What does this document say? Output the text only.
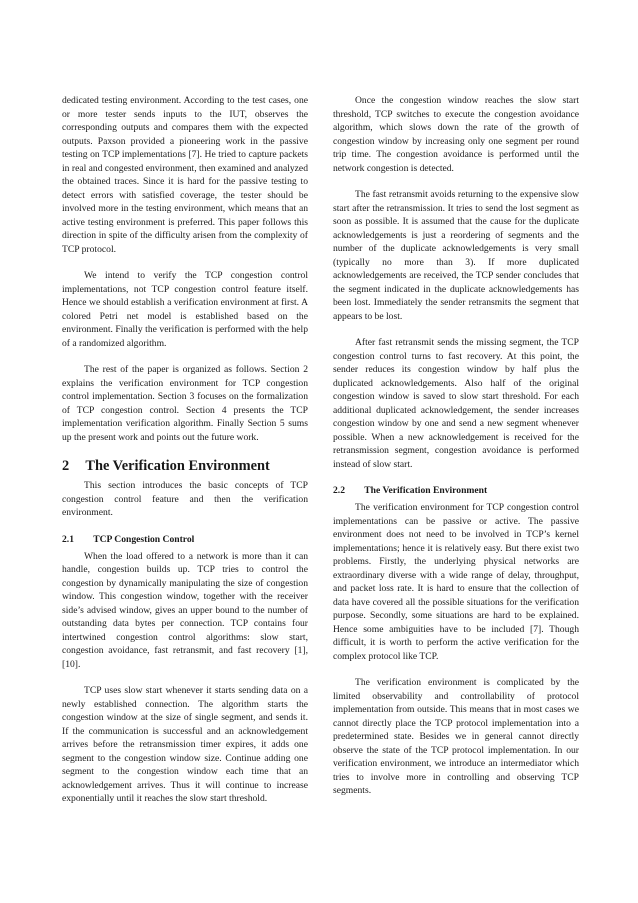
dedicated testing environment. According to the test cases, one or more tester sends inputs to the IUT, observes the corresponding outputs and compares them with the expected outputs. Paxson provided a pioneering work in the passive testing on TCP implementations [7]. He tried to capture packets in real and congested environment, then examined and analyzed the obtained traces. Since it is hard for the passive testing to detect errors with satisfied coverage, the tester should be involved more in the testing environment, which means that an active testing environment is preferred. This paper follows this direction in spite of the difficulty arisen from the complexity of TCP protocol.

We intend to verify the TCP congestion control implementations, not TCP congestion control feature itself. Hence we should establish a verification environment at first. A colored Petri net model is established based on the environment. Finally the verification is performed with the help of a randomized algorithm.

The rest of the paper is organized as follows. Section 2 explains the verification environment for TCP congestion control implementation. Section 3 focuses on the formalization of TCP congestion control. Section 4 presents the TCP implementation verification algorithm. Finally Section 5 sums up the present work and points out the future work.

2 The Verification Environment

This section introduces the basic concepts of TCP congestion control feature and then the verification environment.

2.1 TCP Congestion Control

When the load offered to a network is more than it can handle, congestion builds up. TCP tries to control the congestion by dynamically manipulating the size of congestion window. This congestion window, together with the receiver side’s advised window, gives an upper bound to the number of outstanding data bytes per connection. TCP contains four intertwined congestion control algorithms: slow start, congestion avoidance, fast retransmit, and fast recovery [1], [10].

TCP uses slow start whenever it starts sending data on a newly established connection. The algorithm starts the congestion window at the size of single segment, and sends it. If the communication is successful and an acknowledgement arrives before the retransmission timer expires, it adds one segment to the congestion window size. Continue adding one segment to the congestion window each time that an acknowledgement arrives. Thus it will continue to increase exponentially until it reaches the slow start threshold.

Once the congestion window reaches the slow start threshold, TCP switches to execute the congestion avoidance algorithm, which slows down the rate of the growth of congestion window by increasing only one segment per round trip time. The congestion avoidance is performed until the network congestion is detected.

The fast retransmit avoids returning to the expensive slow start after the retransmission. It tries to send the lost segment as soon as possible. It is assumed that the cause for the duplicate acknowledgements is just a reordering of segments and the number of the duplicate acknowledgements is very small (typically no more than 3). If more duplicated acknowledgements are received, the TCP sender concludes that the segment indicated in the duplicate acknowledgements has been lost. Immediately the sender retransmits the segment that appears to be lost.

After fast retransmit sends the missing segment, the TCP congestion control turns to fast recovery. At this point, the sender reduces its congestion window by half plus the duplicated acknowledgements. Also half of the original congestion window is saved to slow start threshold. For each additional duplicated acknowledgement, the sender increases congestion window by one and send a new segment whenever possible. When a new acknowledgement is received for the retransmission segment, congestion avoidance is performed instead of slow start.

2.2 The Verification Environment

The verification environment for TCP congestion control implementations can be passive or active. The passive environment does not need to be involved in TCP’s kernel implementations; hence it is relatively easy. But there exist two problems. Firstly, the underlying physical networks are extraordinary diverse with a wide range of delay, throughput, and packet loss rate. It is hard to ensure that the collection of data have covered all the possible situations for the verification purpose. Secondly, some situations are hard to be explained. Hence some ambiguities have to be included [7]. Though difficult, it is worth to perform the active verification for the complex protocol like TCP.

The verification environment is complicated by the limited observability and controllability of protocol implementation from outside. This means that in most cases we cannot directly place the TCP protocol implementation into a predetermined state. Besides we in general cannot directly observe the state of the TCP protocol implementation. In our verification environment, we introduce an intermediator which tries to involve more in controlling and observing TCP segments.
